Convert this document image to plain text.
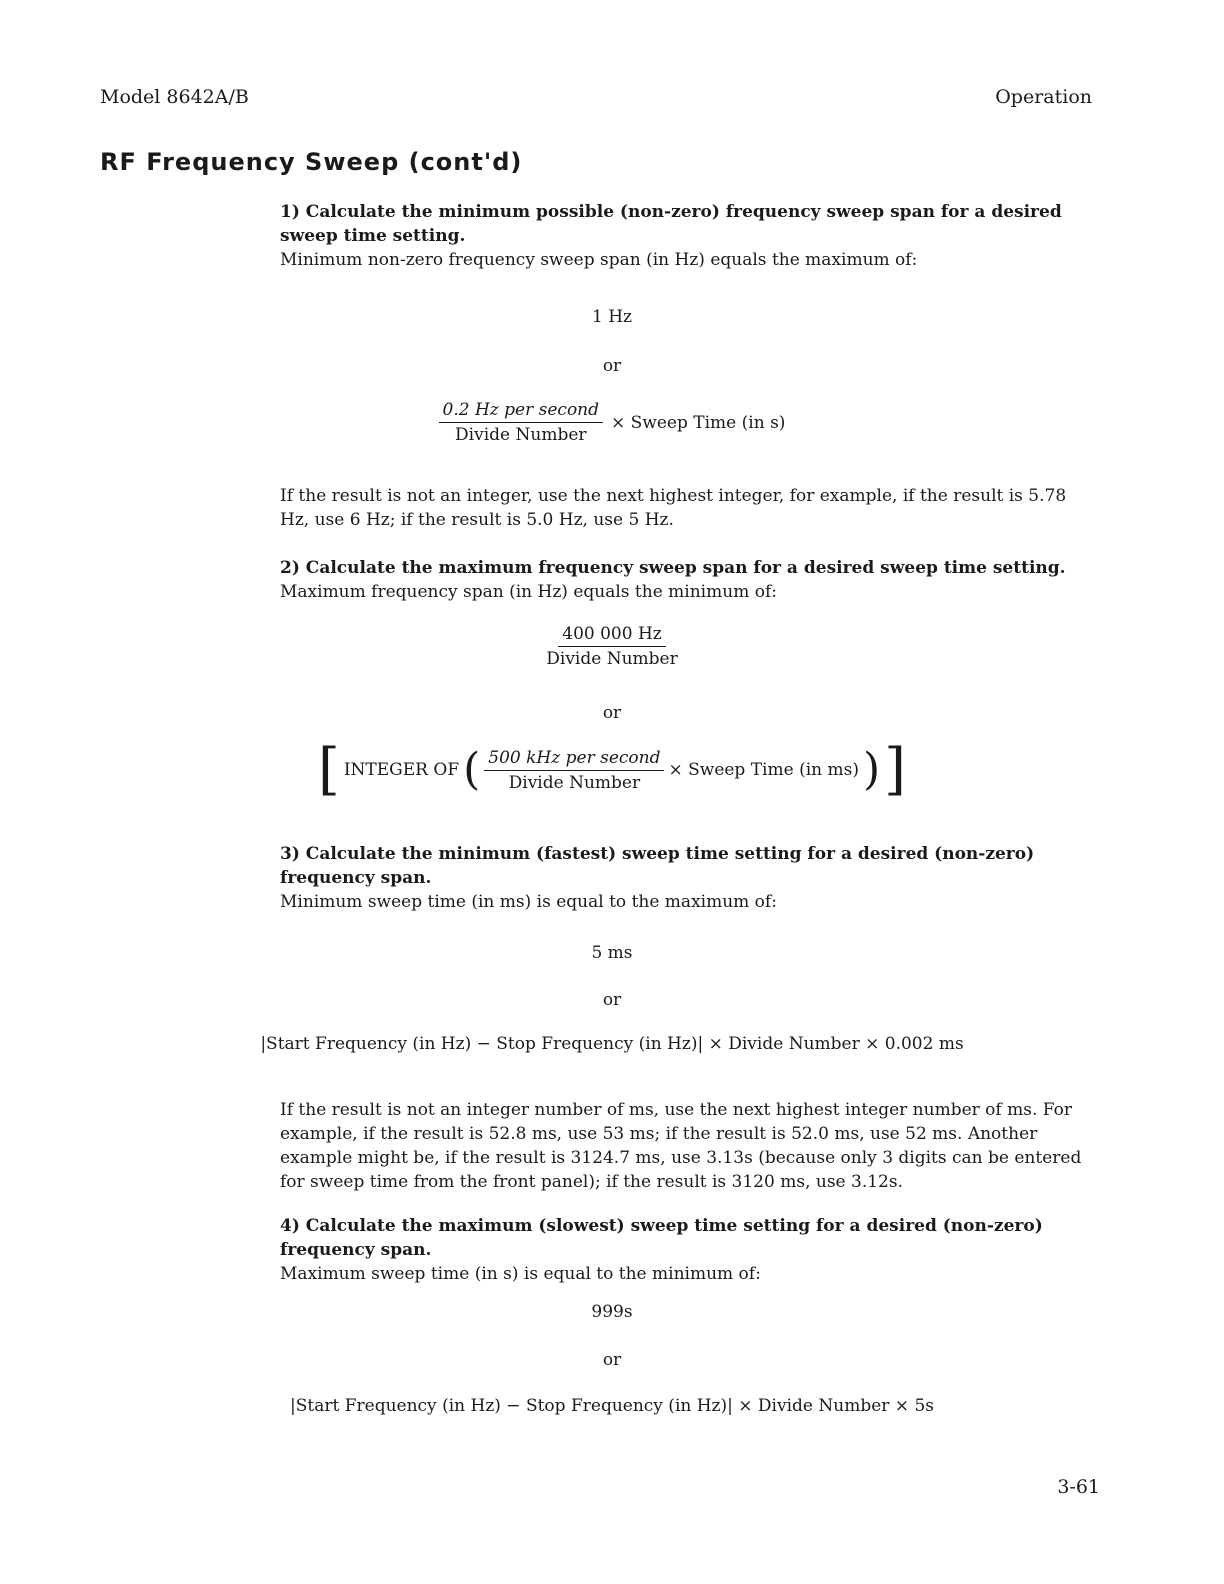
Model 8642A/B	Operation
RF Frequency Sweep (cont'd)
1) Calculate the minimum possible (non-zero) frequency sweep span for a desired sweep time setting.
Minimum non-zero frequency sweep span (in Hz) equals the maximum of:
1 Hz
or
$\frac{\text{0.2 Hz per second}}{\text{Divide Number}}$ × Sweep Time (in s)
If the result is not an integer, use the next highest integer, for example, if the result is 5.78 Hz, use 6 Hz; if the result is 5.0 Hz, use 5 Hz.
2) Calculate the maximum frequency sweep span for a desired sweep time setting.
Maximum frequency span (in Hz) equals the minimum of:
$\frac{400 000 Hz}{\text{Divide Number}}$
or
[ INTEGER OF ( $\frac{\text{500 kHz per second}}{\text{Divide Number}}$ × Sweep Time (in ms) ) ]
3) Calculate the minimum (fastest) sweep time setting for a desired (non-zero) frequency span.
Minimum sweep time (in ms) is equal to the maximum of:
5 ms
or
|Start Frequency (in Hz) − Stop Frequency (in Hz)| × Divide Number × 0.002 ms
If the result is not an integer number of ms, use the next highest integer number of ms. For example, if the result is 52.8 ms, use 53 ms; if the result is 52.0 ms, use 52 ms. Another example might be, if the result is 3124.7 ms, use 3.13s (because only 3 digits can be entered for sweep time from the front panel); if the result is 3120 ms, use 3.12s.
4) Calculate the maximum (slowest) sweep time setting for a desired (non-zero) frequency span.
Maximum sweep time (in s) is equal to the minimum of:
999s
or
|Start Frequency (in Hz) − Stop Frequency (in Hz)| × Divide Number × 5s
3-61
